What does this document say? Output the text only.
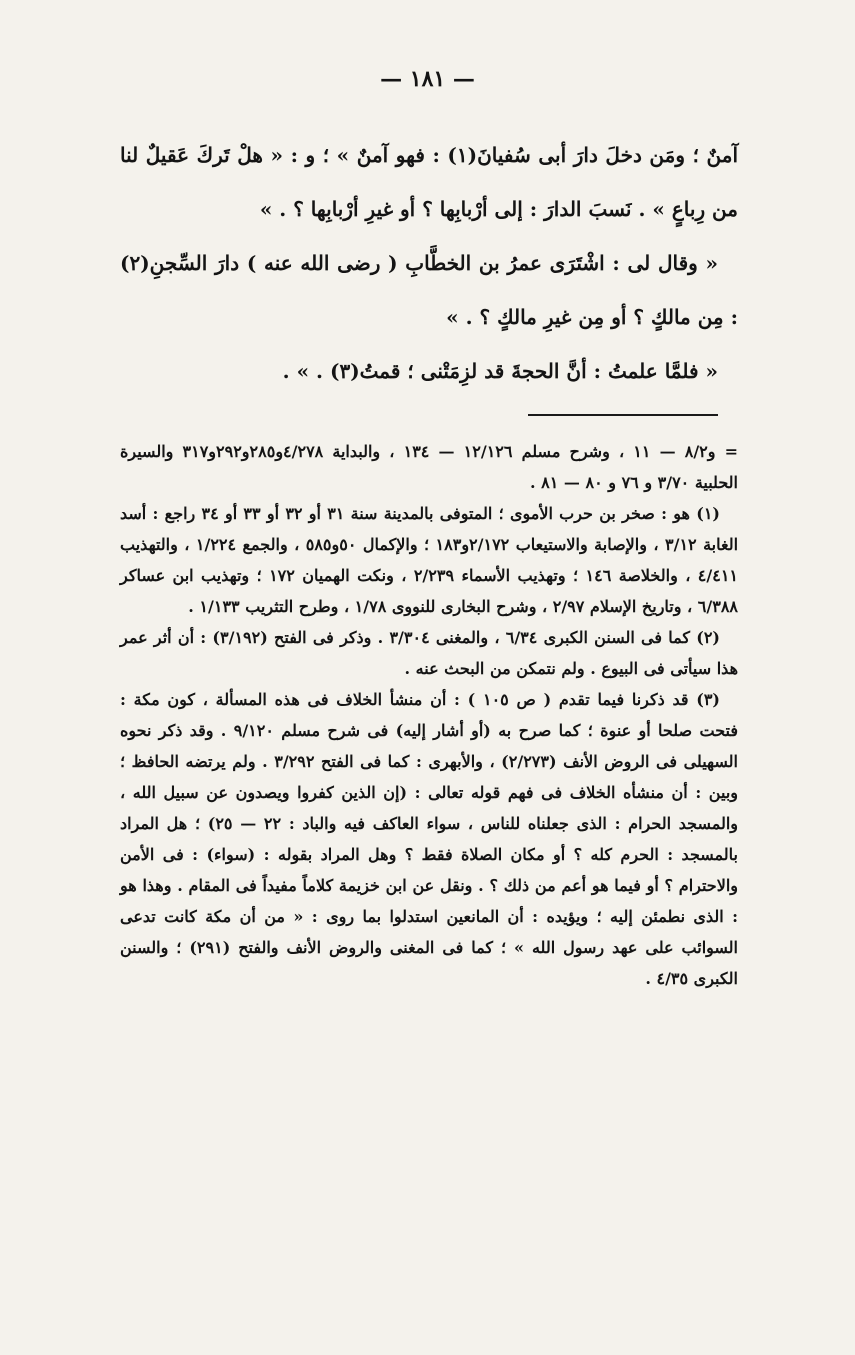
— ١٨١ —

آمنٌ ؛ ومَن دخلَ دارَ أبى سُفيانَ(١) : فهو آمنٌ » ؛ و : « هلْ تَركَ عَقيلٌ لنا من رِباعٍ » . نَسبَ الدارَ : إلى أرْبابِها ؟ أو غيرِ أرْبابِها ؟ . »

« وقال لى : اشْتَرَى عمرُ بن الخطَّابِ ( رضى الله عنه ) دارَ السِّجنِ(٢) : مِن مالكٍ ؟ أو مِن غيرِ مالكٍ ؟ . »

« فلمَّا علمتُ : أنَّ الحجةَ قد لزِمَتْنى ؛ قمتُ(٣) . » .

= و٨/٢ — ١١ ، وشرح مسلم ١٢/١٢٦ — ١٣٤ ، والبداية ٤/٢٧٨و٢٨٥و٢٩٢و٣١٧ والسيرة الحلبية ٣/٧٠ و ٧٦ و ٨٠ — ٨١ .

(١) هو : صخر بن حرب الأموى ؛ المتوفى بالمدينة سنة ٣١ أو ٣٢ أو ٣٣ أو ٣٤ راجع : أسد الغابة ٣/١٢ ، والإصابة والاستيعاب ٢/١٧٢و١٨٣ ؛ والإكمال ٥٠و٥٨٥ ، والجمع ١/٢٢٤ ، والتهذيب ٤/٤١١ ، والخلاصة ١٤٦ ؛ وتهذيب الأسماء ٢/٢٣٩ ، ونكت الهميان ١٧٢ ؛ وتهذيب ابن عساكر ٦/٣٨٨ ، وتاريخ الإسلام ٢/٩٧ ، وشرح البخارى للنووى ١/٧٨ ، وطرح التثريب ١/١٣٣ .

(٢) كما فى السنن الكبرى ٦/٣٤ ، والمغنى ٣/٣٠٤ . وذكر فى الفتح (٣/١٩٢) : أن أثر عمر هذا سيأتى فى البيوع . ولم نتمكن من البحث عنه .

(٣) قد ذكرنا فيما تقدم ( ص ١٠٥ ) : أن منشأ الخلاف فى هذه المسألة ، كون مكة : فتحت صلحا أو عنوة ؛ كما صرح به (أو أشار إليه) فى شرح مسلم ٩/١٢٠ . وقد ذكر نحوه السهيلى فى الروض الأنف (٢/٢٧٣) ، والأبهرى : كما فى الفتح ٣/٢٩٢ . ولم يرتضه الحافظ ؛ وبين : أن منشأه الخلاف فى فهم قوله تعالى : (إن الذين كفروا ويصدون عن سبيل الله ، والمسجد الحرام : الذى جعلناه للناس ، سواء العاكف فيه والباد : ٢٢ — ٢٥) ؛ هل المراد بالمسجد : الحرم كله ؟ أو مكان الصلاة فقط ؟ وهل المراد بقوله : (سواء) : فى الأمن والاحترام ؟ أو فيما هو أعم من ذلك ؟ . ونقل عن ابن خزيمة كلاماً مفيداً فى المقام . وهذا هو : الذى نطمئن إليه ؛ ويؤيده : أن المانعين استدلوا بما روى : « من أن مكة كانت تدعى السوائب على عهد رسول الله » ؛ كما فى المغنى والروض الأنف والفتح (٢٩١) ؛ والسنن الكبرى ٤/٣٥ .
